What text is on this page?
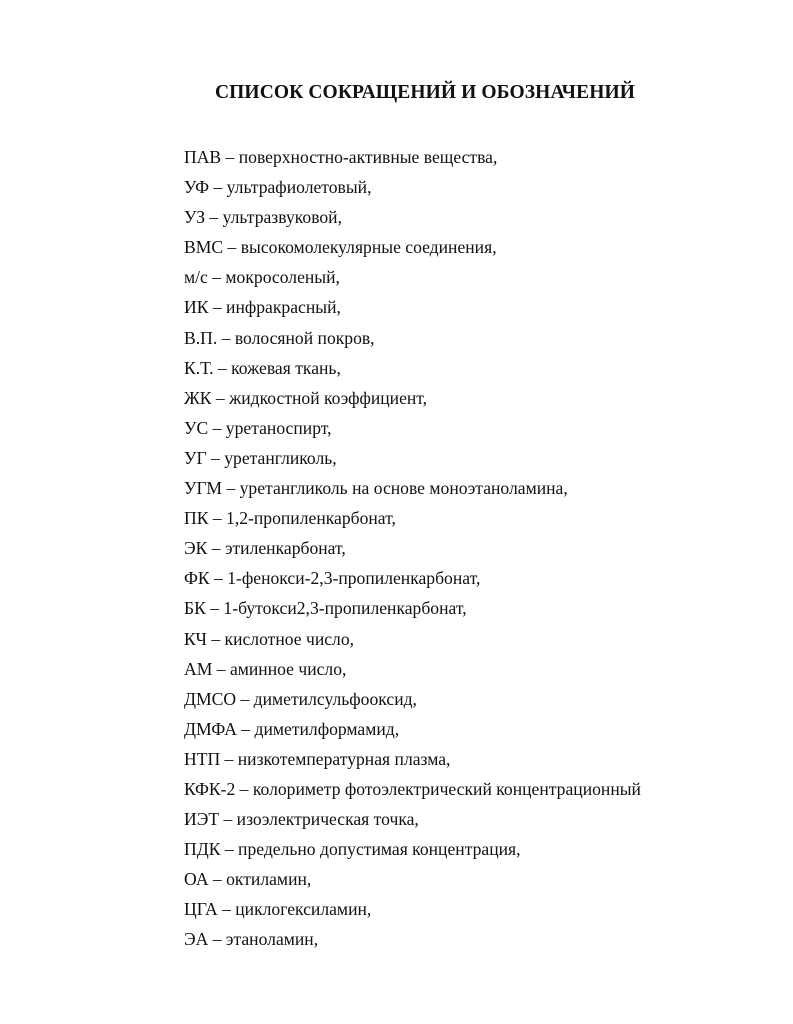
СПИСОК СОКРАЩЕНИЙ И ОБОЗНАЧЕНИЙ
ПАВ – поверхностно-активные вещества,
УФ – ультрафиолетовый,
УЗ – ультразвуковой,
ВМС – высокомолекулярные соединения,
м/с – мокросоленый,
ИК – инфракрасный,
В.П. – волосяной покров,
К.Т. – кожевая ткань,
ЖК – жидкостной коэффициент,
УС – уретаноспирт,
УГ – уретангликоль,
УГМ – уретангликоль на основе моноэтаноламина,
ПК – 1,2-пропиленкарбонат,
ЭК – этиленкарбонат,
ФК – 1-фенокси-2,3-пропиленкарбонат,
БК – 1-бутокси2,3-пропиленкарбонат,
КЧ – кислотное число,
АМ – аминное число,
ДМСО – диметилсульфооксид,
ДМФА – диметилформамид,
НТП – низкотемпературная плазма,
КФК-2 – колориметр фотоэлектрический концентрационный
ИЭТ – изоэлектрическая точка,
ПДК – предельно допустимая концентрация,
ОА – октиламин,
ЦГА – циклогексиламин,
ЭА – этаноламин,
